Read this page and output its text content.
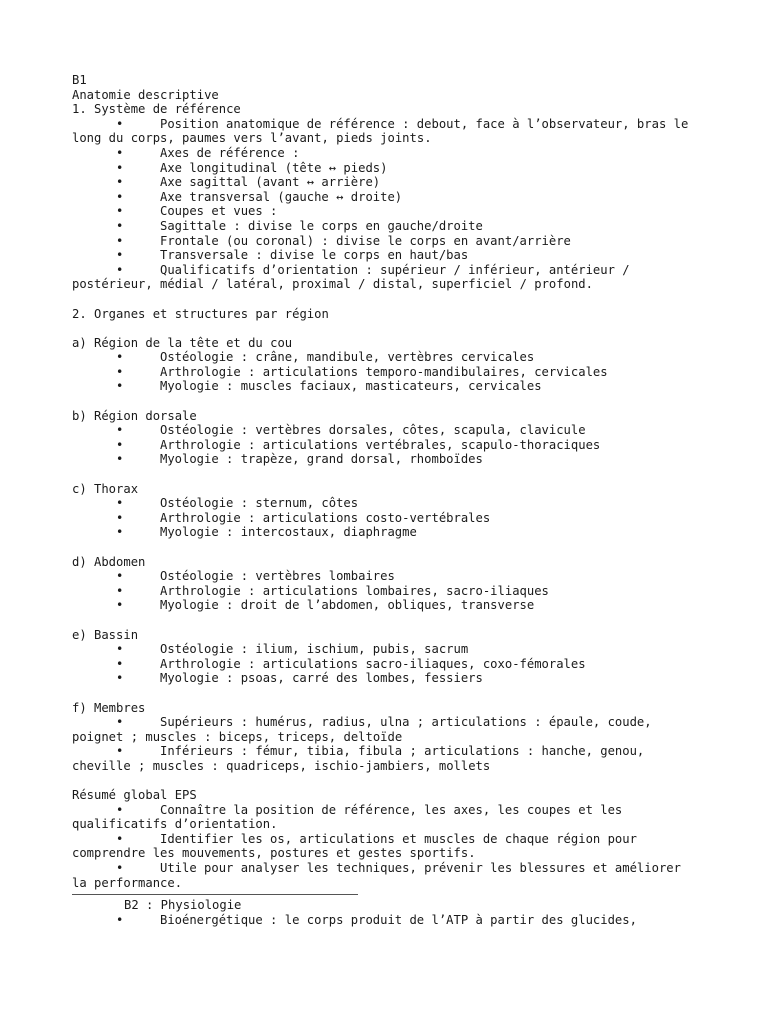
B1
Anatomie descriptive
1. Système de référence
•	Position anatomique de référence : debout, face à l’observateur, bras le long du corps, paumes vers l’avant, pieds joints.
•	Axes de référence :
•	Axe longitudinal (tête ↔ pieds)
•	Axe sagittal (avant ↔ arrière)
•	Axe transversal (gauche ↔ droite)
•	Coupes et vues :
•	Sagittale : divise le corps en gauche/droite
•	Frontale (ou coronal) : divise le corps en avant/arrière
•	Transversale : divise le corps en haut/bas
•	Qualificatifs d’orientation : supérieur / inférieur, antérieur / postérieur, médial / latéral, proximal / distal, superficiel / profond.
2. Organes et structures par région
a) Région de la tête et du cou
•	Ostéologie : crâne, mandibule, vertèbres cervicales
•	Arthrologie : articulations temporo-mandibulaires, cervicales
•	Myologie : muscles faciaux, masticateurs, cervicales
b) Région dorsale
•	Ostéologie : vertèbres dorsales, côtes, scapula, clavicule
•	Arthrologie : articulations vertébrales, scapulo-thoraciques
•	Myologie : trapèze, grand dorsal, rhomboïdes
c) Thorax
•	Ostéologie : sternum, côtes
•	Arthrologie : articulations costo-vertébrales
•	Myologie : intercostaux, diaphragme
d) Abdomen
•	Ostéologie : vertèbres lombaires
•	Arthrologie : articulations lombaires, sacro-iliaques
•	Myologie : droit de l’abdomen, obliques, transverse
e) Bassin
•	Ostéologie : ilium, ischium, pubis, sacrum
•	Arthrologie : articulations sacro-iliaques, coxo-fémorales
•	Myologie : psoas, carré des lombes, fessiers
f) Membres
•	Supérieurs : humérus, radius, ulna ; articulations : épaule, coude, poignet ; muscles : biceps, triceps, deltoïde
•	Inférieurs : fémur, tibia, fibula ; articulations : hanche, genou, cheville ; muscles : quadriceps, ischio-jambiers, mollets
Résumé global EPS
•	Connaître la position de référence, les axes, les coupes et les qualificatifs d’orientation.
•	Identifier les os, articulations et muscles de chaque région pour comprendre les mouvements, postures et gestes sportifs.
•	Utile pour analyser les techniques, prévenir les blessures et améliorer la performance.
B2 : Physiologie
•	Bioénergétique : le corps produit de l’ATP à partir des glucides,
